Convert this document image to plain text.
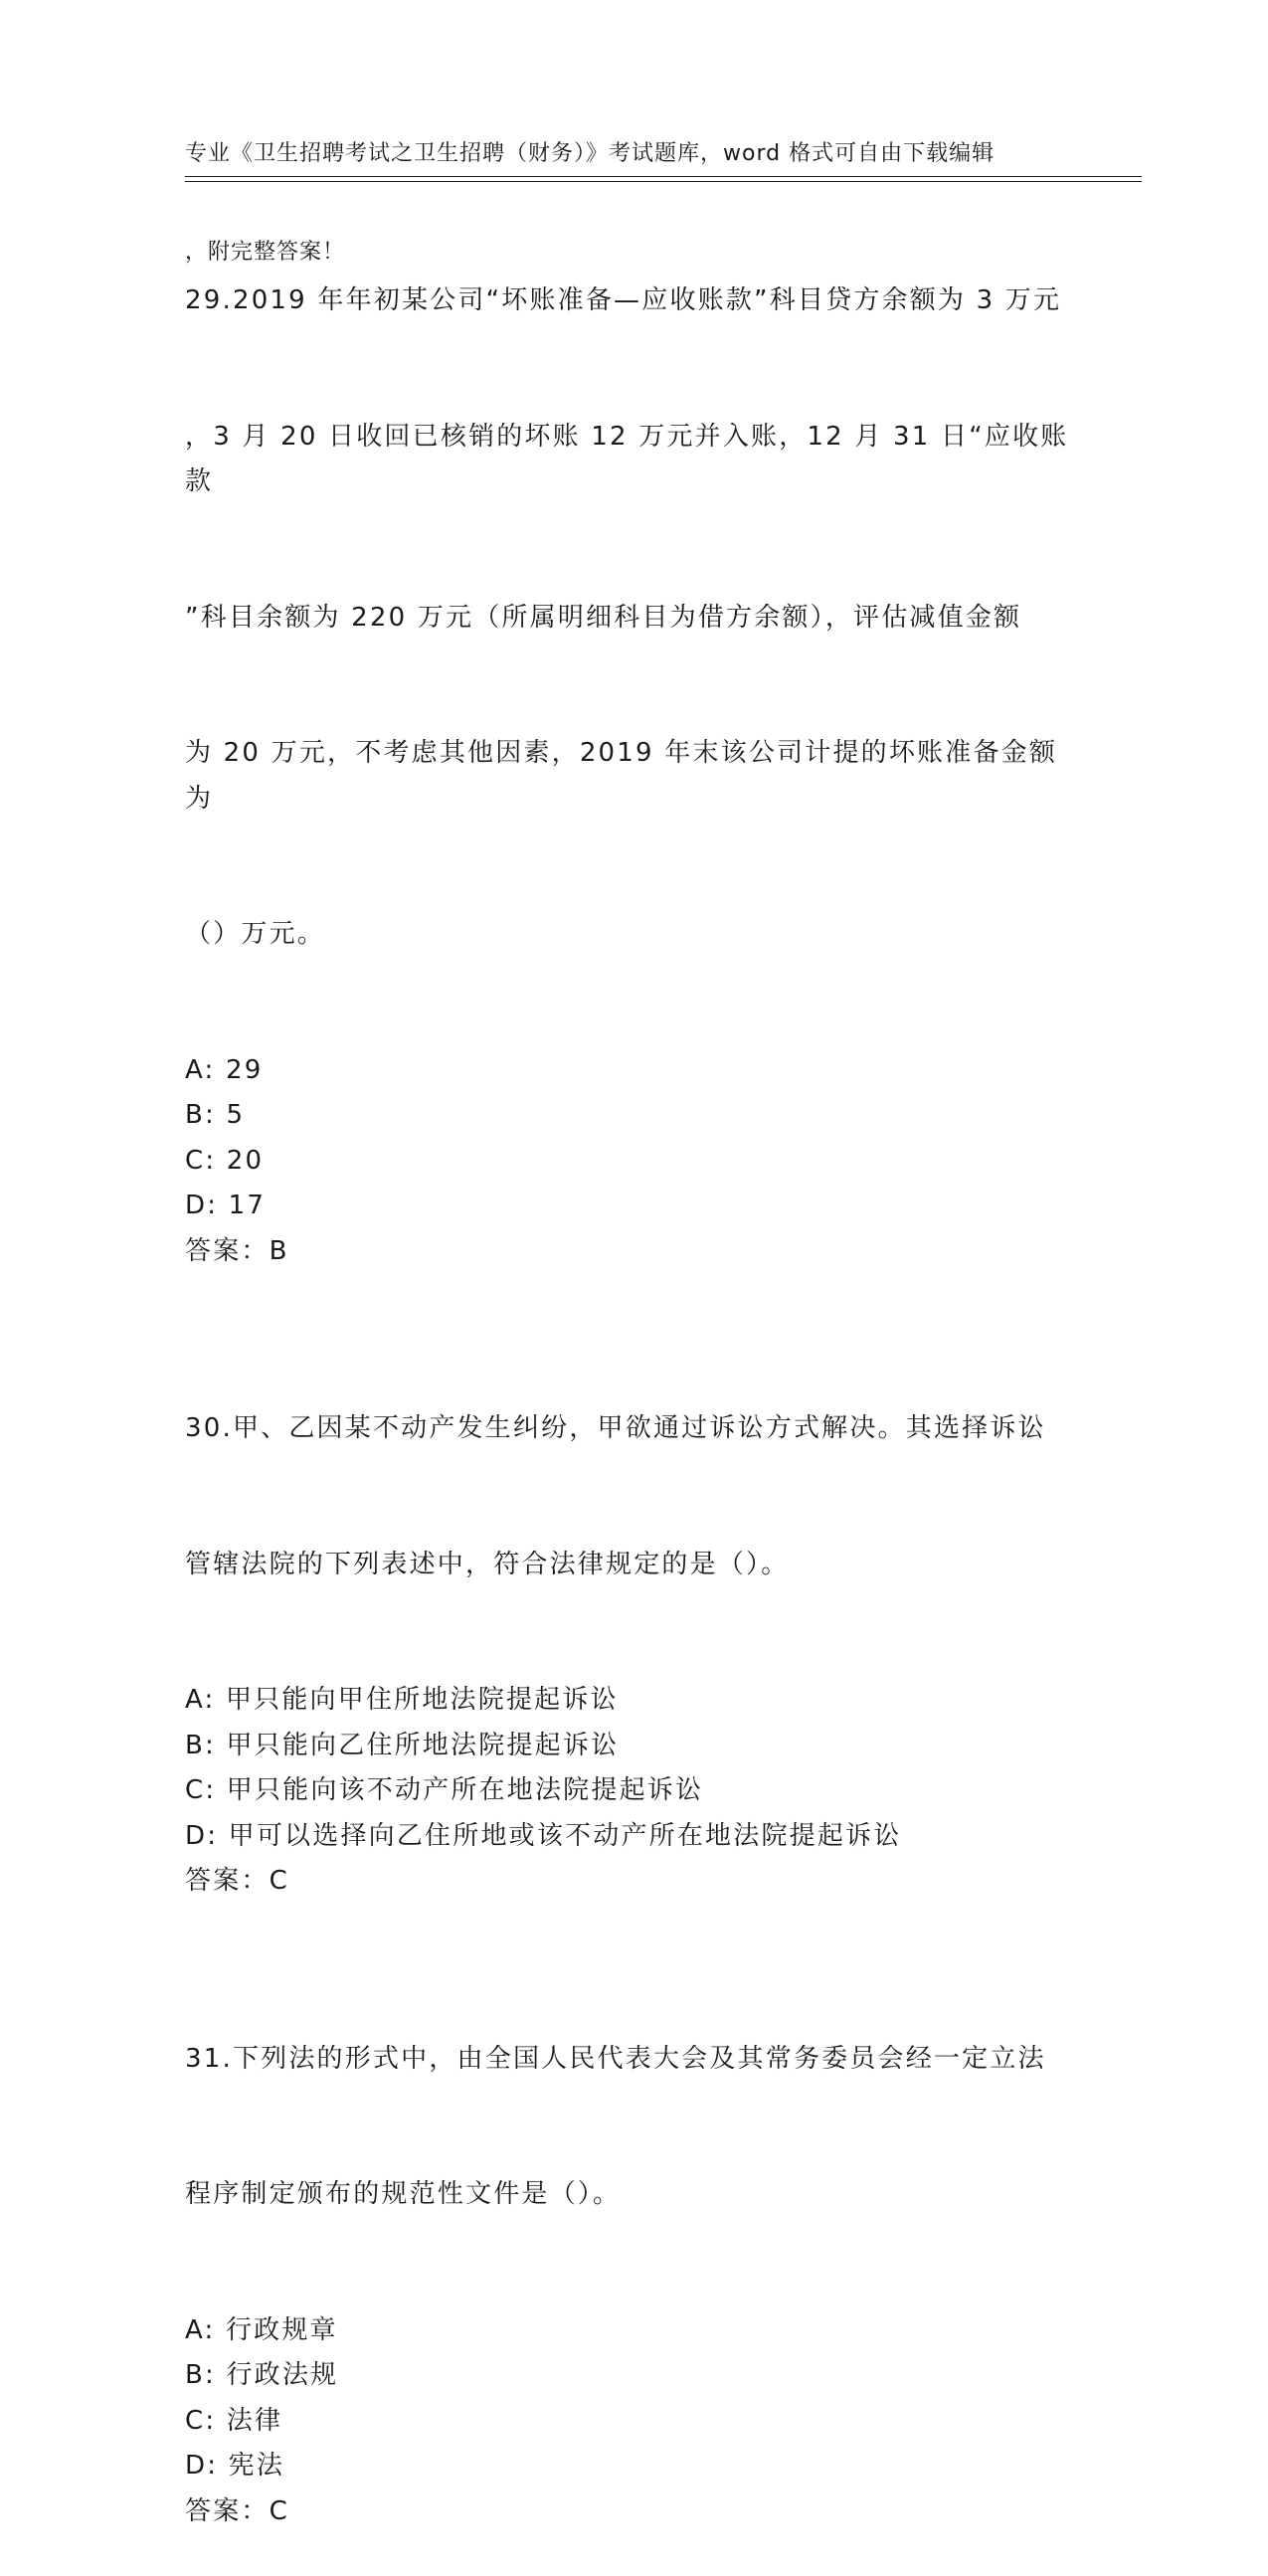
专业《卫生招聘考试之卫生招聘（财务）》考试题库，word 格式可自由下载编辑

，附完整答案！

29.2019 年年初某公司“坏账准备—应收账款”科目贷方余额为 3 万元

，3 月 20 日收回已核销的坏账 12 万元并入账，12 月 31 日“应收账款

”科目余额为 220 万元（所属明细科目为借方余额），评估减值金额

为 20 万元，不考虑其他因素，2019 年末该公司计提的坏账准备金额为

（）万元。

A: 29
B: 5
C: 20
D: 17
答案：B

30.甲、乙因某不动产发生纠纷，甲欲通过诉讼方式解决。其选择诉讼

管辖法院的下列表述中，符合法律规定的是（）。

A: 甲只能向甲住所地法院提起诉讼
B: 甲只能向乙住所地法院提起诉讼
C: 甲只能向该不动产所在地法院提起诉讼
D: 甲可以选择向乙住所地或该不动产所在地法院提起诉讼
答案：C

31.下列法的形式中，由全国人民代表大会及其常务委员会经一定立法

程序制定颁布的规范性文件是（）。

A: 行政规章
B: 行政法规
C: 法律
D: 宪法
答案：C
